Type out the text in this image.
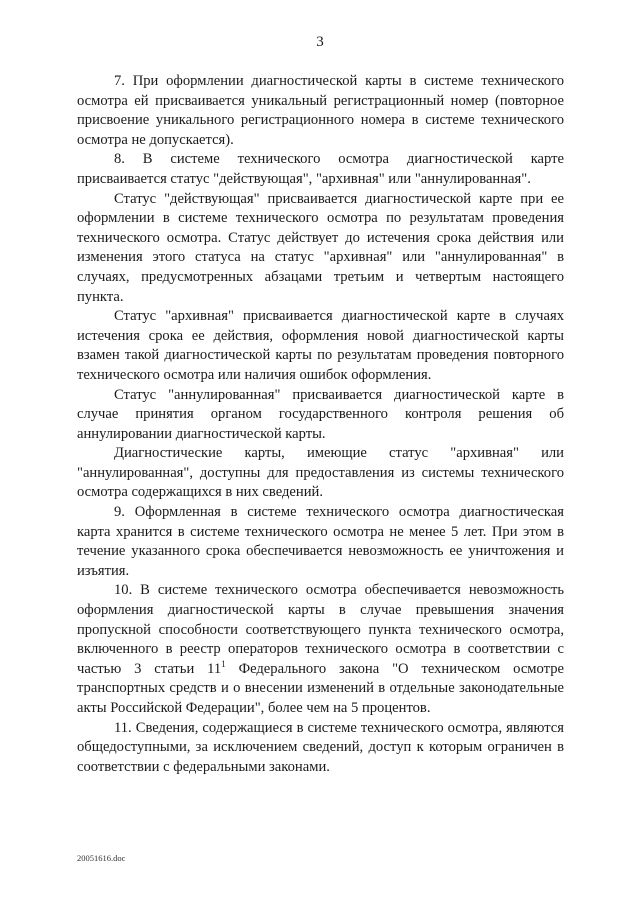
3

7. При оформлении диагностической карты в системе технического осмотра ей присваивается уникальный регистрационный номер (повторное присвоение уникального регистрационного номера в системе технического осмотра не допускается).

8. В системе технического осмотра диагностической карте присваивается статус "действующая", "архивная" или "аннулированная".

Статус "действующая" присваивается диагностической карте при ее оформлении в системе технического осмотра по результатам проведения технического осмотра. Статус действует до истечения срока действия или изменения этого статуса на статус "архивная" или "аннулированная" в случаях, предусмотренных абзацами третьим и четвертым настоящего пункта.

Статус "архивная" присваивается диагностической карте в случаях истечения срока ее действия, оформления новой диагностической карты взамен такой диагностической карты по результатам проведения повторного технического осмотра или наличия ошибок оформления.

Статус "аннулированная" присваивается диагностической карте в случае принятия органом государственного контроля решения об аннулировании диагностической карты.

Диагностические карты, имеющие статус "архивная" или "аннулированная", доступны для предоставления из системы технического осмотра содержащихся в них сведений.

9. Оформленная в системе технического осмотра диагностическая карта хранится в системе технического осмотра не менее 5 лет. При этом в течение указанного срока обеспечивается невозможность ее уничтожения и изъятия.

10. В системе технического осмотра обеспечивается невозможность оформления диагностической карты в случае превышения значения пропускной способности соответствующего пункта технического осмотра, включенного в реестр операторов технического осмотра в соответствии с частью 3 статьи $11^1$ Федерального закона "О техническом осмотре транспортных средств и о внесении изменений в отдельные законодательные акты Российской Федерации", более чем на 5 процентов.

11. Сведения, содержащиеся в системе технического осмотра, являются общедоступными, за исключением сведений, доступ к которым ограничен в соответствии с федеральными законами.

20051616.doc
